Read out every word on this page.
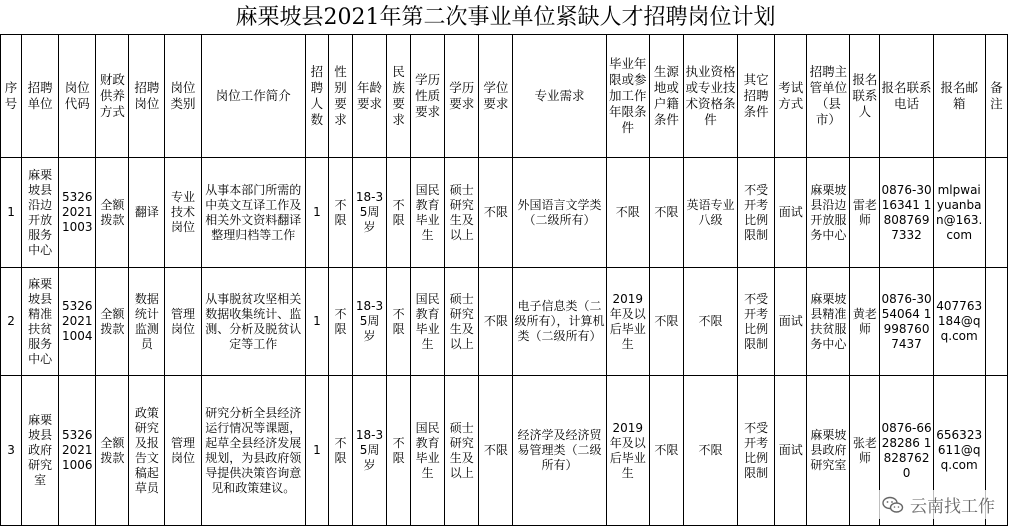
麻栗坡县2021年第二次事业单位紧缺人才招聘岗位计划
序号	招聘单位	岗位代码	财政供养方式	招聘岗位	岗位类别	岗位工作简介	招聘人数	性别要求	年龄要求	民族要求	学历性质要求	学历要求	学位要求	专业需求	毕业年限或参加工作年限条件	生源地或户籍条件	执业资格或专业技术资格条件	其它招聘条件	考试方式	招聘主管单位（县市）	报名联系人	报名联系电话	报名邮箱	备注
1	麻栗坡县沿边开放服务中心	53262021 1003	全额拨款	翻译	专业技术岗位	从事本部门所需的中英文互译工作及相关外文资料翻译整理归档等工作	1	不限	18-35周岁	不限	国民教育毕业生	硕士研究生及以上	不限	外国语言文学类（二级所有）	不限	不限	英语专业八级	不受开考比例限制	面试	麻栗坡县沿边开放服务中心	雷老师	0876-3016341 18087697332	mlpwaiyuanban@163.com	
2	麻栗坡县精准扶贫服务中心	53262021 1004	全额拨款	数据统计监测员	管理岗位	从事脱贫攻坚相关数据收集统计、监测、分析及脱贫认定等工作	1	不限	18-35周岁	不限	国民教育毕业生	硕士研究生及以上	不限	电子信息类（二级所有），计算机类（二级所有）	2019年及以后毕业生	不限	不限	不受开考比例限制	面试	麻栗坡县精准扶贫服务中心	黄老师	0876-3054064 19987607437	407763184@qq.com	
3	麻栗坡县政府研究室	53262021 1006	全额拨款	政策研究及报告文稿起草员	管理岗位	研究分析全县经济运行情况等课题，起草全县经济发展规划，为县政府领导提供决策咨询意见和政策建议。	1	不限	18-35周岁	不限	国民教育毕业生	硕士研究生及以上	不限	经济学及经济贸易管理类（二级所有）	2019年及以后毕业生	不限	不限	不受开考比例限制	面试	麻栗坡县政府研究室	张老师	0876-6628286 18287620	656323611@qq.com	
云南找工作
